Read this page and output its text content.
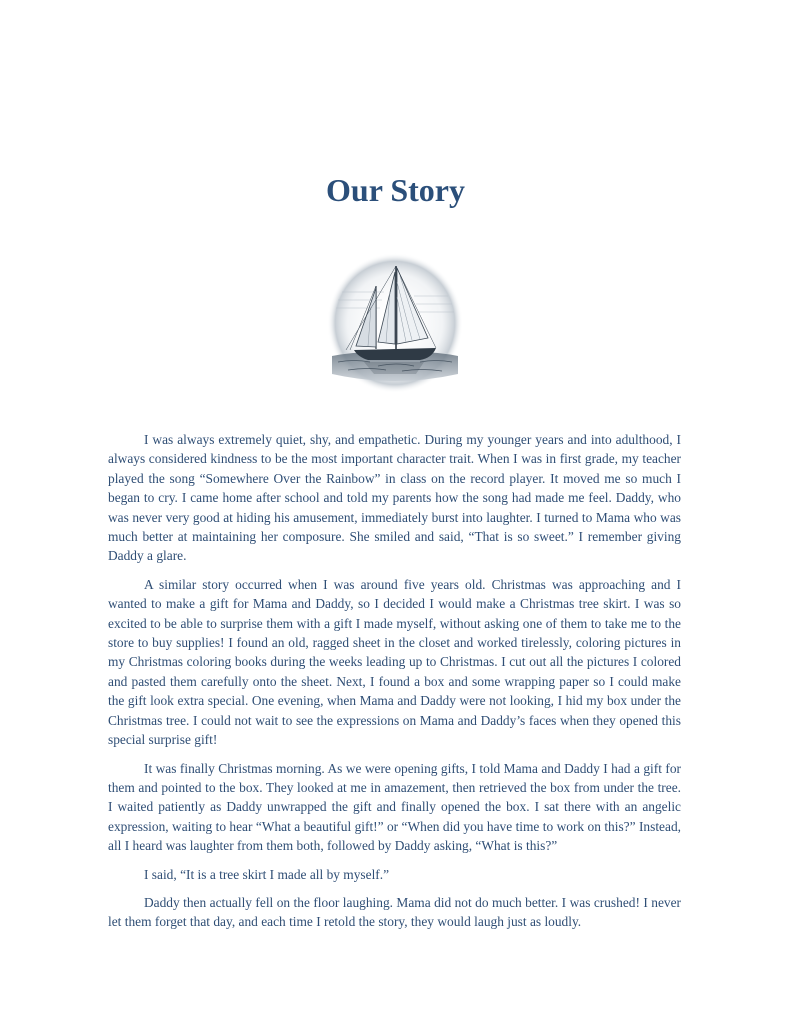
Our Story

I was always extremely quiet, shy, and empathetic. During my younger years and into adulthood, I always considered kindness to be the most important character trait. When I was in first grade, my teacher played the song “Somewhere Over the Rainbow” in class on the record player. It moved me so much I began to cry. I came home after school and told my parents how the song had made me feel. Daddy, who was never very good at hiding his amusement, immediately burst into laughter. I turned to Mama who was much better at maintaining her composure. She smiled and said, “That is so sweet.” I remember giving Daddy a glare.

A similar story occurred when I was around five years old. Christmas was approaching and I wanted to make a gift for Mama and Daddy, so I decided I would make a Christmas tree skirt. I was so excited to be able to surprise them with a gift I made myself, without asking one of them to take me to the store to buy supplies! I found an old, ragged sheet in the closet and worked tirelessly, coloring pictures in my Christmas coloring books during the weeks leading up to Christmas. I cut out all the pictures I colored and pasted them carefully onto the sheet. Next, I found a box and some wrapping paper so I could make the gift look extra special. One evening, when Mama and Daddy were not looking, I hid my box under the Christmas tree. I could not wait to see the expressions on Mama and Daddy’s faces when they opened this special surprise gift!

It was finally Christmas morning. As we were opening gifts, I told Mama and Daddy I had a gift for them and pointed to the box. They looked at me in amazement, then retrieved the box from under the tree. I waited patiently as Daddy unwrapped the gift and finally opened the box. I sat there with an angelic expression, waiting to hear “What a beautiful gift!” or “When did you have time to work on this?” Instead, all I heard was laughter from them both, followed by Daddy asking, “What is this?”

I said, “It is a tree skirt I made all by myself.”

Daddy then actually fell on the floor laughing. Mama did not do much better. I was crushed! I never let them forget that day, and each time I retold the story, they would laugh just as loudly.
